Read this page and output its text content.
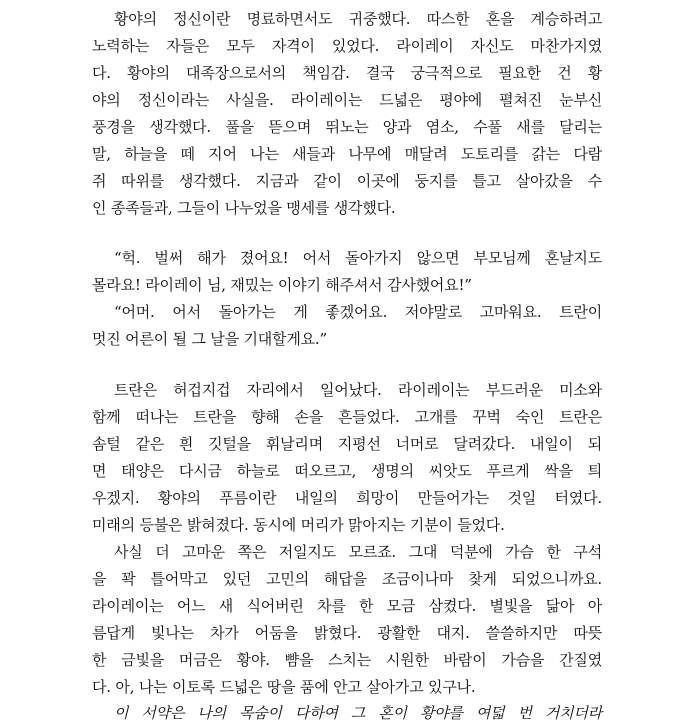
황야의 정신이란 명료하면서도 귀중했다. 따스한 혼을 계승하려고
노력하는 자들은 모두 자격이 있었다. 라이레이 자신도 마찬가지였
다. 황야의 대족장으로서의 책임감. 결국 궁극적으로 필요한 건 황
야의 정신이라는 사실을. 라이레이는 드넓은 평야에 펼쳐진 눈부신
풍경을 생각했다. 풀을 뜯으며 뛰노는 양과 염소, 수풀 새를 달리는
말, 하늘을 떼 지어 나는 새들과 나무에 매달려 도토리를 갉는 다람
쥐 따위를 생각했다. 지금과 같이 이곳에 둥지를 틀고 살아갔을 수
인 종족들과, 그들이 나누었을 맹세를 생각했다.
“헉. 벌써 해가 졌어요! 어서 돌아가지 않으면 부모님께 혼날지도
몰라요! 라이레이 님, 재밌는 이야기 해주셔서 감사했어요!”
“어머. 어서 돌아가는 게 좋겠어요. 저야말로 고마워요. 트란이
멋진 어른이 될 그 날을 기대할게요.”
트란은 허겁지겁 자리에서 일어났다. 라이레이는 부드러운 미소와
함께 떠나는 트란을 향해 손을 흔들었다. 고개를 꾸벅 숙인 트란은
솜털 같은 흰 깃털을 휘날리며 지평선 너머로 달려갔다. 내일이 되
면 태양은 다시금 하늘로 떠오르고, 생명의 씨앗도 푸르게 싹을 틔
우겠지. 황야의 푸름이란 내일의 희망이 만들어가는 것일 터였다.
미래의 등불은 밝혀졌다. 동시에 머리가 맑아지는 기분이 들었다.
사실 더 고마운 쪽은 저일지도 모르죠. 그대 덕분에 가슴 한 구석
을 꽉 틀어막고 있던 고민의 해답을 조금이나마 찾게 되었으니까요.
라이레이는 어느 새 식어버린 차를 한 모금 삼켰다. 별빛을 닮아 아
름답게 빛나는 차가 어둠을 밝혔다. 광활한 대지. 쓸쓸하지만 따뜻
한 금빛을 머금은 황야. 뺨을 스치는 시원한 바람이 가슴을 간질였
다. 아, 나는 이토록 드넓은 땅을 품에 안고 살아가고 있구나.
이 서약은 나의 목숨이 다하여 그 혼이 황야를 여덟 번 거치더라
